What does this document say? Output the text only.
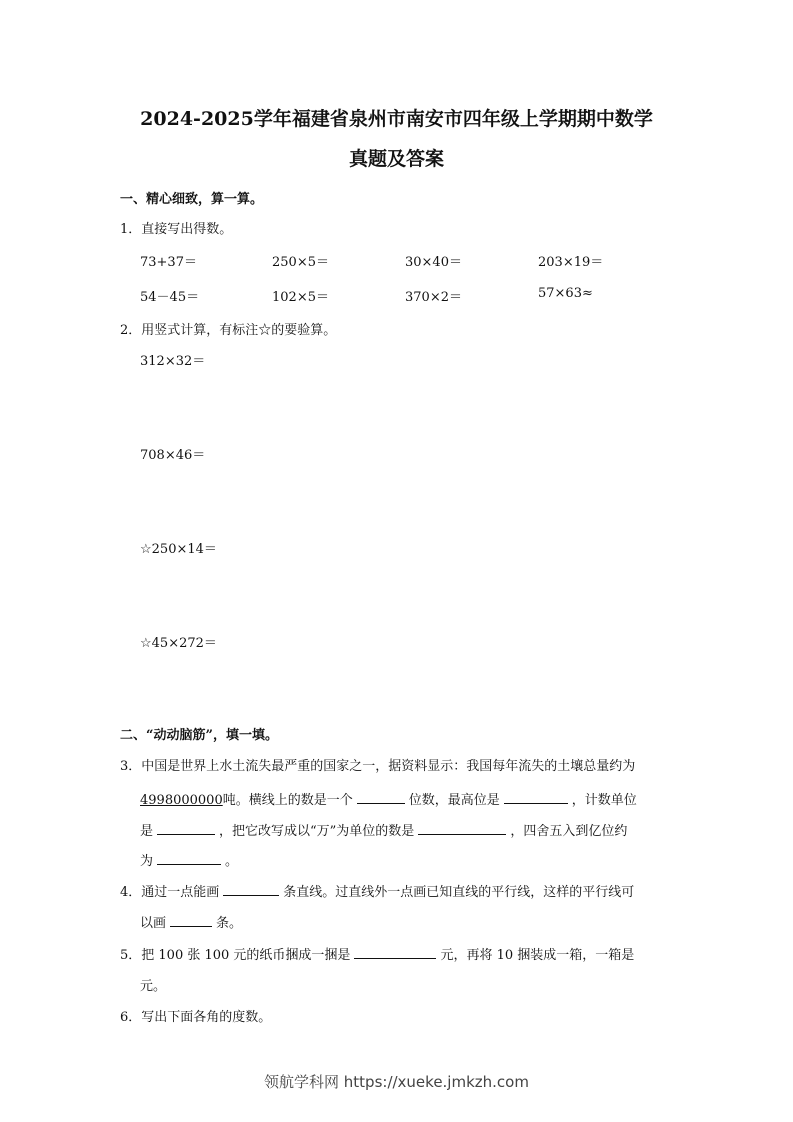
2024-2025学年福建省泉州市南安市四年级上学期期中数学
真题及答案
一、精心细致，算一算。
1．直接写出得数。
73+37＝	250×5＝	30×40＝	203×19＝
54－45＝	102×5＝	370×2＝	57×63≈
2．用竖式计算，有标注☆的要验算。
312×32＝
708×46＝
☆250×14＝
☆45×272＝
二、“动动脑筋”，填一填。
3．中国是世界上水土流失最严重的国家之一，据资料显示：我国每年流失的土壤总量约为
4998000000吨。横线上的数是一个	位数，最高位是	，计数单位
是	，把它改写成以“万”为单位的数是	，四舍五入到亿位约
为	。
4．通过一点能画	条直线。过直线外一点画已知直线的平行线，这样的平行线可
以画	条。
5．把 100 张 100 元的纸币捆成一捆是	元，再将 10 捆装成一箱，一箱是
元。
6．写出下面各角的度数。
领航学科网 https://xueke.jmkzh.com
